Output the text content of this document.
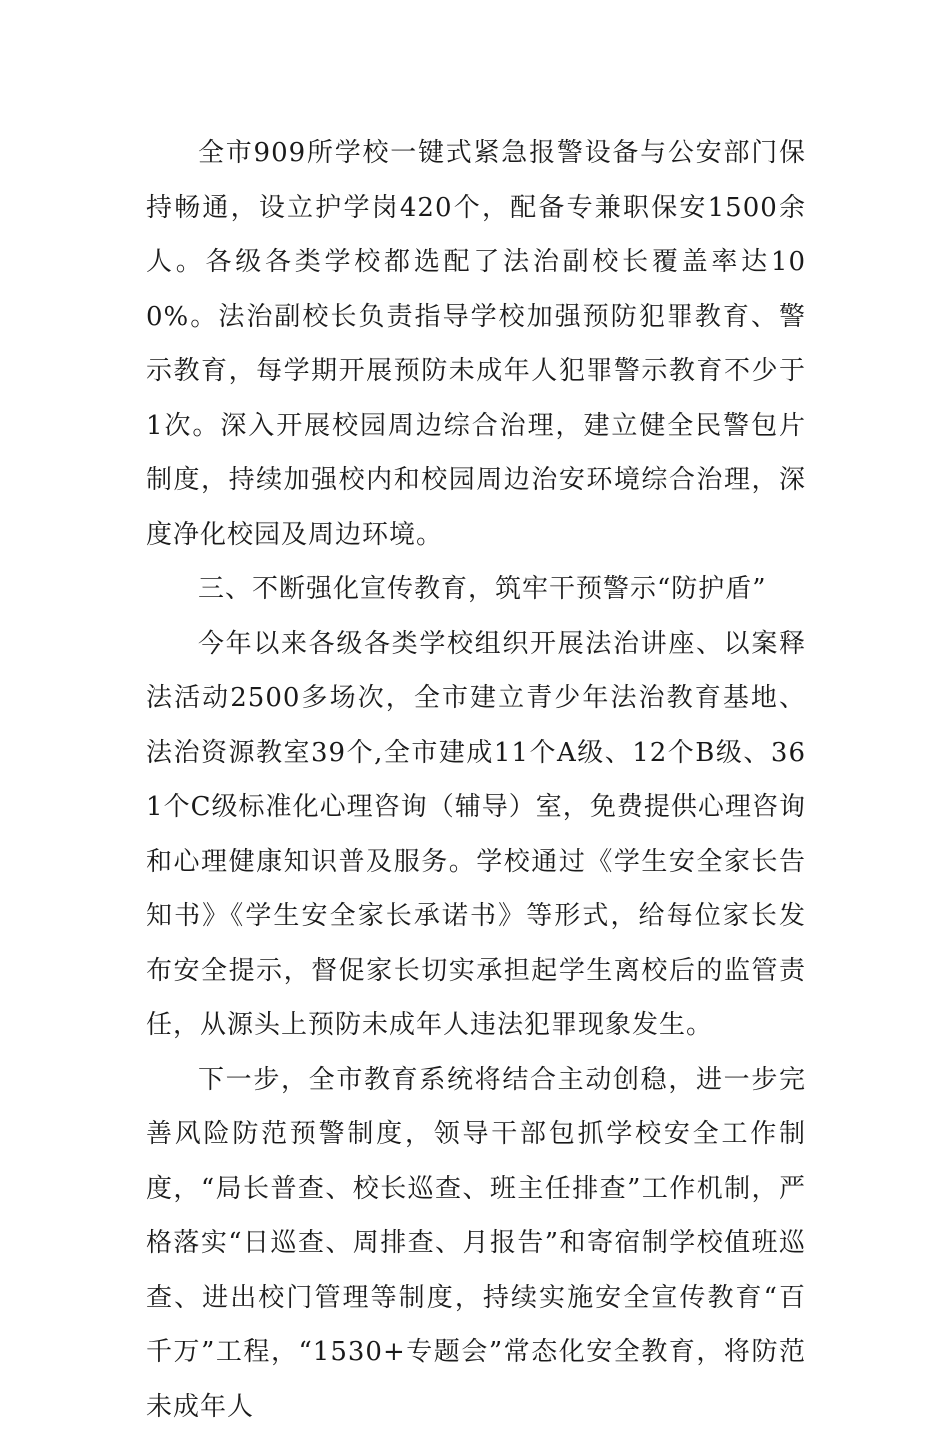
全市909所学校一键式紧急报警设备与公安部门保持畅通，设立护学岗420个，配备专兼职保安1500余人。各级各类学校都选配了法治副校长覆盖率达100%。法治副校长负责指导学校加强预防犯罪教育、警示教育，每学期开展预防未成年人犯罪警示教育不少于1次。深入开展校园周边综合治理，建立健全民警包片制度，持续加强校内和校园周边治安环境综合治理，深度净化校园及周边环境。

三、不断强化宣传教育，筑牢干预警示“防护盾”

今年以来各级各类学校组织开展法治讲座、以案释法活动2500多场次，全市建立青少年法治教育基地、法治资源教室39个,全市建成11个A级、12个B级、361个C级标准化心理咨询（辅导）室，免费提供心理咨询和心理健康知识普及服务。学校通过《学生安全家长告知书》《学生安全家长承诺书》等形式，给每位家长发布安全提示，督促家长切实承担起学生离校后的监管责任，从源头上预防未成年人违法犯罪现象发生。

下一步，全市教育系统将结合主动创稳，进一步完善风险防范预警制度，领导干部包抓学校安全工作制度，“局长普查、校长巡查、班主任排查”工作机制，严格落实“日巡查、周排查、月报告”和寄宿制学校值班巡查、进出校门管理等制度，持续实施安全宣传教育“百千万”工程，“1530+专题会”常态化安全教育，将防范未成年人
